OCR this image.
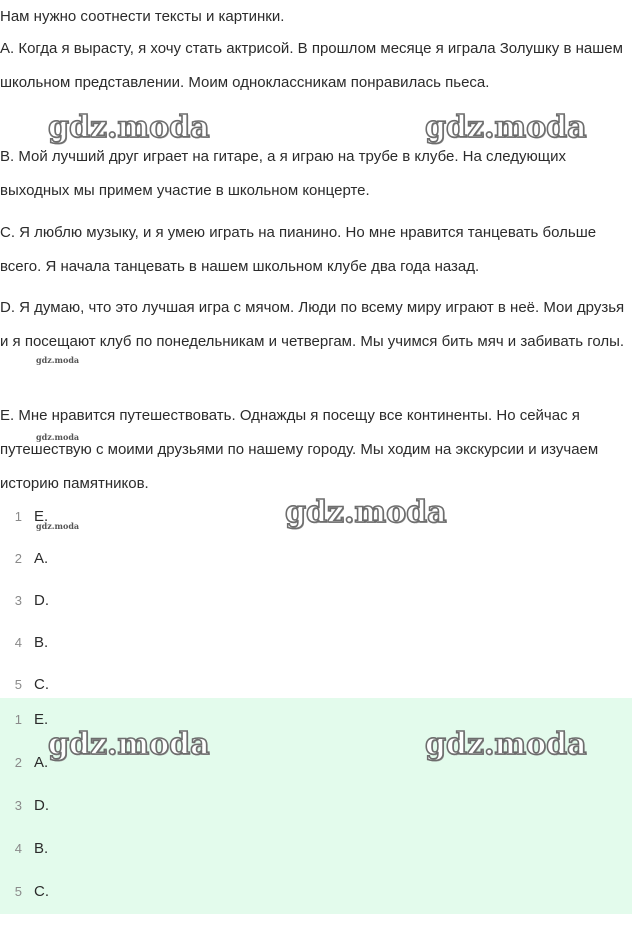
Нам нужно соотнести тексты и картинки.

A. Когда я вырасту, я хочу стать актрисой. В прошлом месяце я играла Золушку в нашем школьном представлении. Моим одноклассникам понравилась пьеса.

B. Мой лучший друг играет на гитаре, а я играю на трубе в клубе. На следующих выходных мы примем участие в школьном концерте.

C. Я люблю музыку, и я умею играть на пианино. Но мне нравится танцевать больше всего. Я начала танцевать в нашем школьном клубе два года назад.

D. Я думаю, что это лучшая игра с мячом. Люди по всему миру играют в неё. Мои друзья и я посещают клуб по понедельникам и четвергам. Мы учимся бить мяч и забивать голы.

E. Мне нравится путешествовать. Однажды я посещу все континенты. Но сейчас я путешествую с моими друзьями по нашему городу. Мы ходим на экскурсии и изучаем историю памятников.

1 E.
2 A.
3 D.
4 B.
5 C.
1 E.
2 A.
3 D.
4 B.
5 C.
gdz.moda	gdz.moda
gdz.moda
gdz.moda
gdz.moda
gdz.moda
gdz.moda	gdz.moda
